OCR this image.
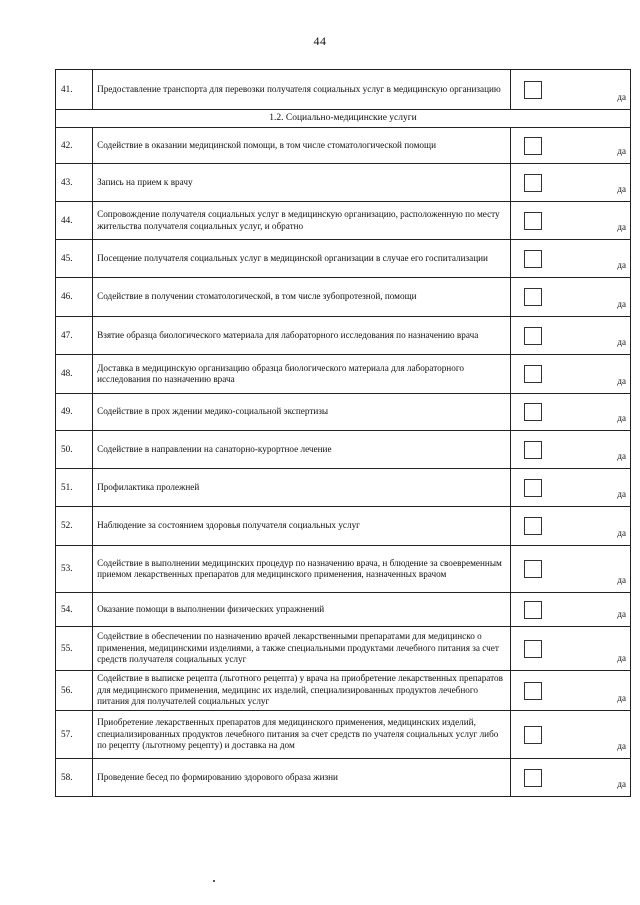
44
41.	Предоставление транспорта для перевозки получателя социальных услуг в медицинскую организацию	да

1.2. Социально-медицинские услуги		
42.	Содействие в оказании медицинской помощи, в том числе стоматологической помощи	да

43.	Запись на прием к врачу	да

44.	Сопровождение получателя социальных услуг в медицинскую организацию, расположенную по месту жительства получателя социальных услуг, и обратно	да

45.	Посещение получателя социальных услуг в медицинской организации в случае его госпитализации	да

46.	Содействие в получении стоматологической, в том числе зубопротезной, помощи	да

47.	Взятие образца биологического материала для лабораторного исследования по назначению врача	да

48.	Доставка в медицинскую организацию образца биологического материала для лабораторного исследования по назначению врача	да

49.	Содействие в прох ждении медико-социальной экспертизы	да

50.	Содействие в направлении на санаторно-курортное лечение	да

51.	Профилактика пролежней	да

52.	Наблюдение за состоянием здоровья получателя социальных услуг	да

53.	Содействие в выполнении медицинских процедур по назначению врача, н блюдение за своевременным приемом лекарственных препаратов для медицинского применения, назначенных врачом	да

54.	Оказание помощи в выполнении физических упражнений	да

55.	Содействие в обеспечении по назначению врачей лекарственными препаратами для медицинско о применения, медицинскими изделиями, а также специальными продуктами лечебного питания за счет средств получателя социальных услуг	да

56.	Содействие в выписке рецепта (льготного рецепта) у врача на приобретение лекарственных препаратов для медицинского применения, медицинс их изделий, специализированных продуктов лечебного питания для получателей социальных услуг	да

57.	Приобретение лекарственных препаратов для медицинского применения, медицинских изделий, специализированных продуктов лечебного питания за счет средств по учателя социальных услуг либо по рецепту (льготному рецепту) и доставка на дом	да

58.	Проведение бесед по формированию здорового образа жизни	да
